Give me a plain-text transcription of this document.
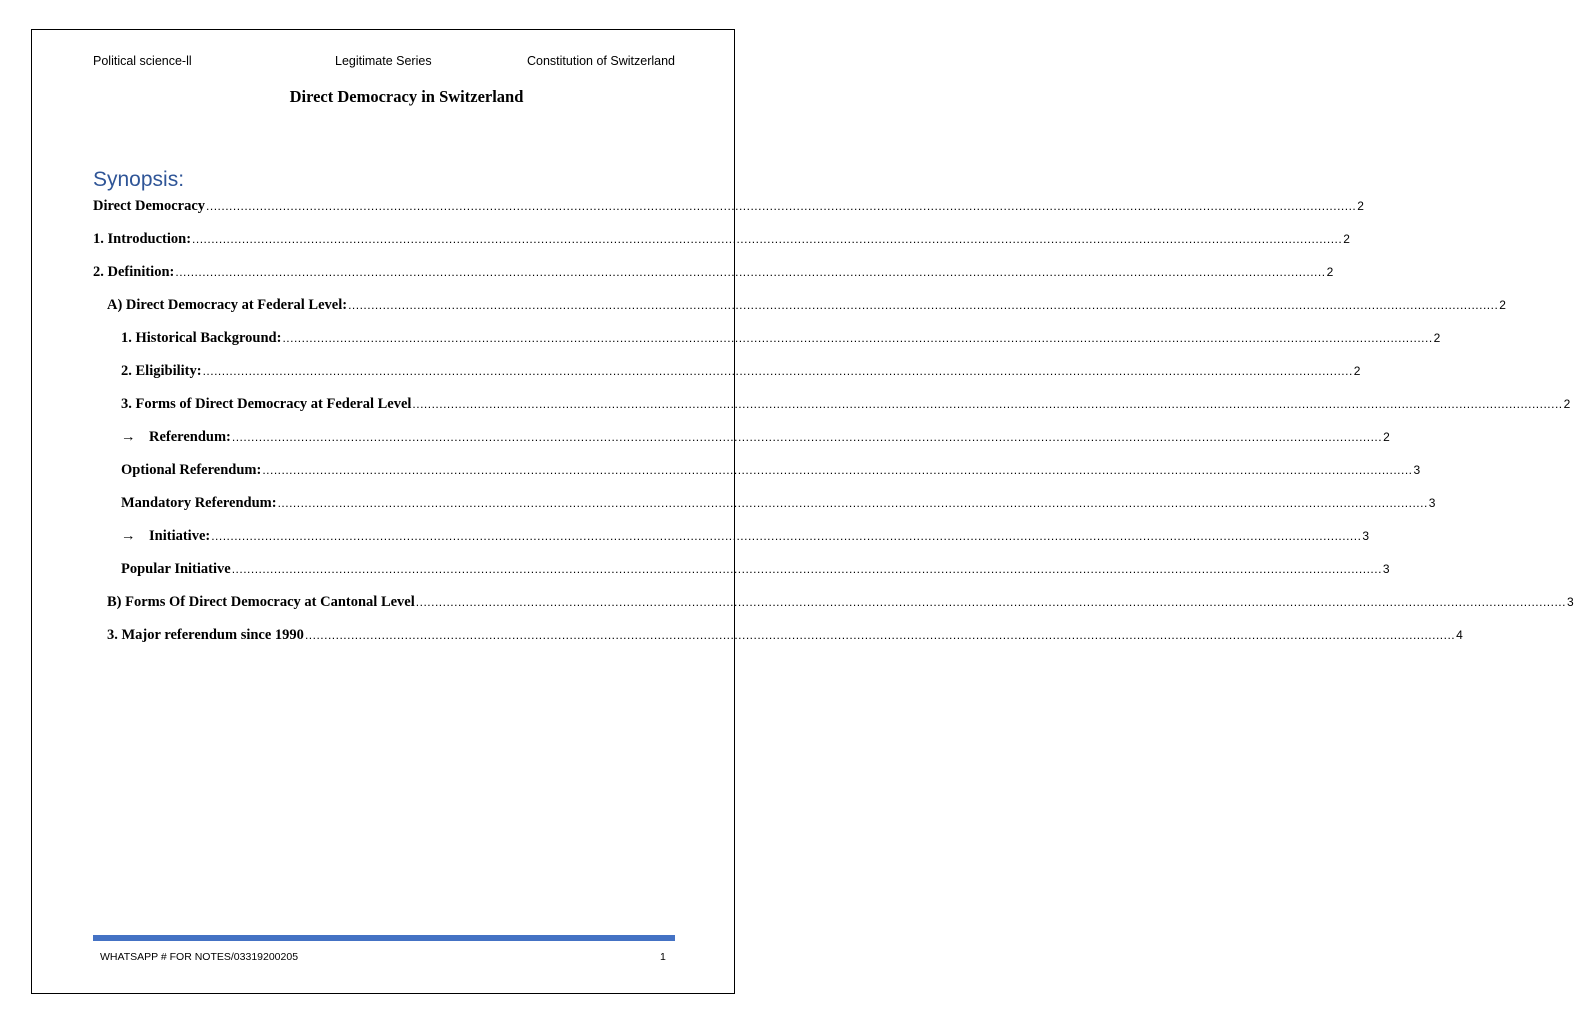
Political science-ll	Legitimate Series	Constitution of Switzerland
Direct Democracy in Switzerland
Synopsis:
Direct Democracy ............................................................................................................................................................................................................................................................................................................ 2
1. Introduction: ............................................................................................................................................................................................................................................................................................................ 2
2. Definition: ............................................................................................................................................................................................................................................................................................................ 2
A) Direct Democracy at Federal Level: ............................................................................................................................................................................................................................................................................................................ 2
1. Historical Background: ............................................................................................................................................................................................................................................................................................................ 2
2. Eligibility: ............................................................................................................................................................................................................................................................................................................ 2
3. Forms of Direct Democracy at Federal Level ............................................................................................................................................................................................................................................................................................................ 2
→ Referendum: ............................................................................................................................................................................................................................................................................................................ 2
Optional Referendum: ............................................................................................................................................................................................................................................................................................................ 3
Mandatory Referendum: ............................................................................................................................................................................................................................................................................................................ 3
→ Initiative: ............................................................................................................................................................................................................................................................................................................ 3
Popular Initiative ............................................................................................................................................................................................................................................................................................................ 3
B) Forms Of Direct Democracy at Cantonal Level ............................................................................................................................................................................................................................................................................................................ 3
3. Major referendum since 1990 ............................................................................................................................................................................................................................................................................................................ 4
WHATSAPP # FOR NOTES/03319200205	1
